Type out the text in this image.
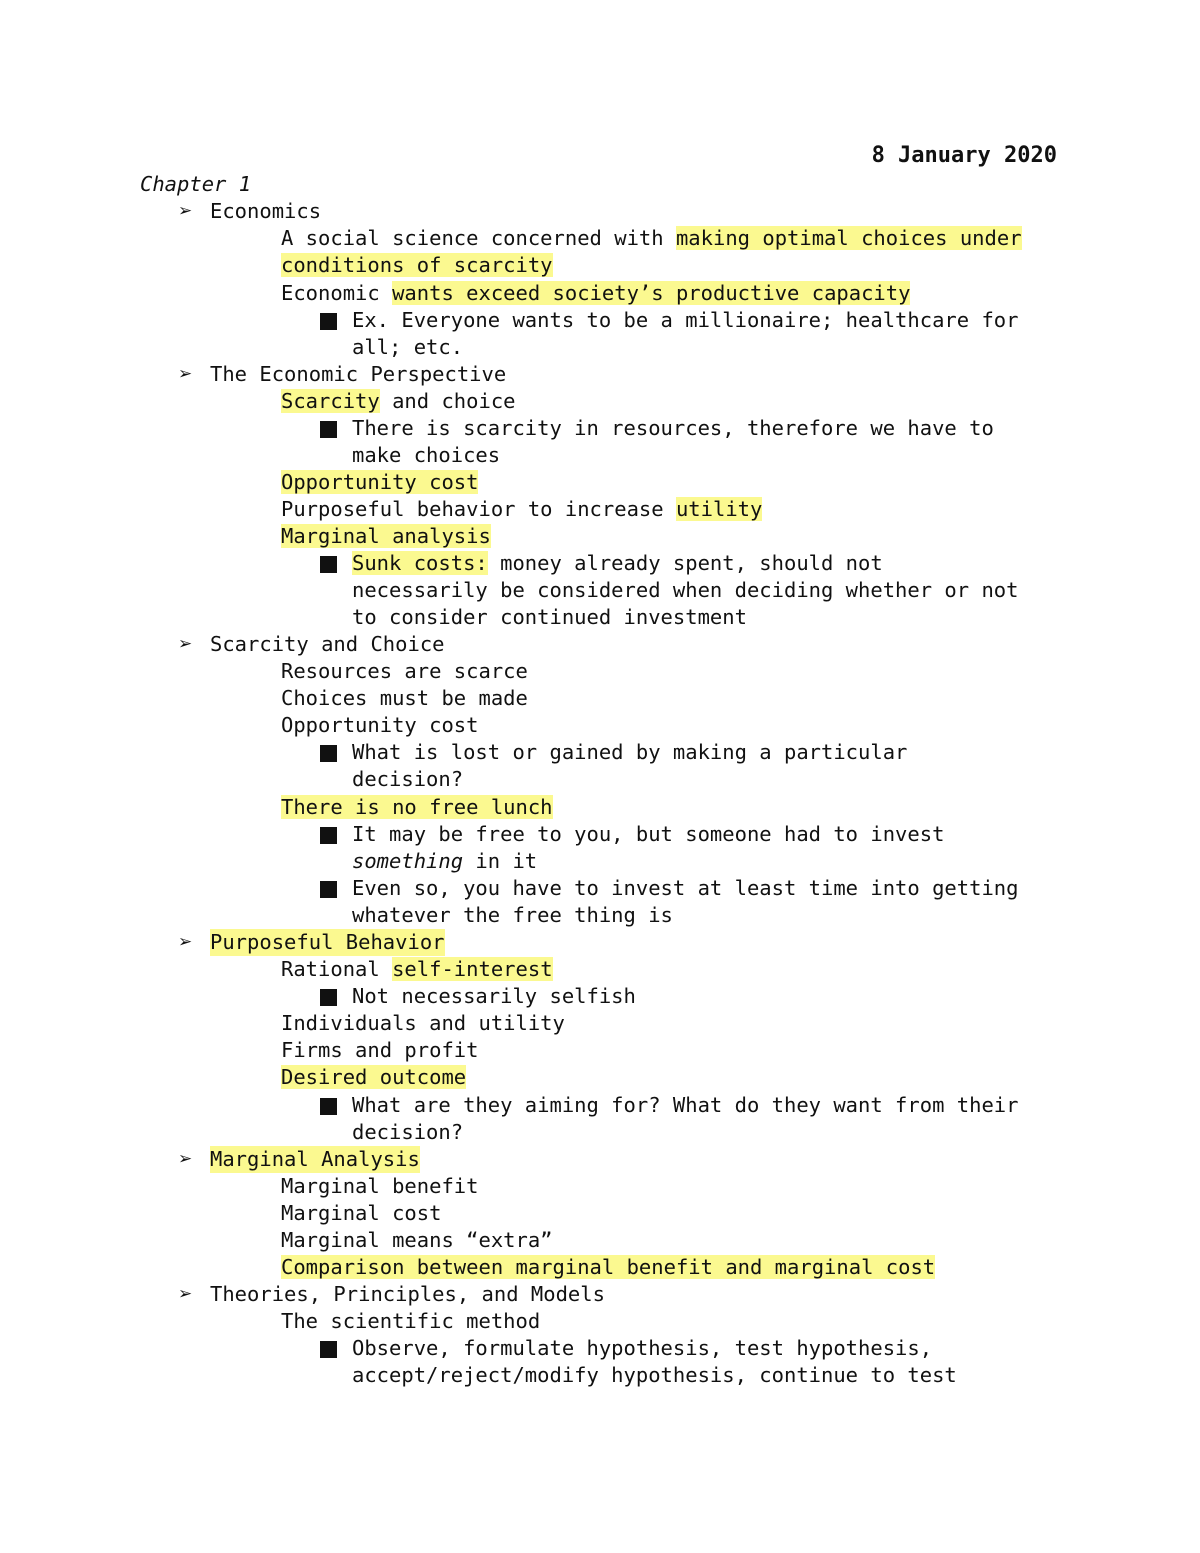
8 January 2020
Chapter 1
➢ Economics
A social science concerned with making optimal choices under
conditions of scarcity
Economic wants exceed society’s productive capacity
Ex. Everyone wants to be a millionaire; healthcare for
all; etc.
➢ The Economic Perspective
Scarcity and choice
There is scarcity in resources, therefore we have to
make choices
Opportunity cost
Purposeful behavior to increase utility
Marginal analysis
Sunk costs: money already spent, should not
necessarily be considered when deciding whether or not
to consider continued investment
➢ Scarcity and Choice
Resources are scarce
Choices must be made
Opportunity cost
What is lost or gained by making a particular
decision?
There is no free lunch
It may be free to you, but someone had to invest
something in it
Even so, you have to invest at least time into getting
whatever the free thing is
➢ Purposeful Behavior
Rational self-interest
Not necessarily selfish
Individuals and utility
Firms and profit
Desired outcome
What are they aiming for? What do they want from their
decision?
➢ Marginal Analysis
Marginal benefit
Marginal cost
Marginal means “extra”
Comparison between marginal benefit and marginal cost
➢ Theories, Principles, and Models
The scientific method
Observe, formulate hypothesis, test hypothesis,
accept/reject/modify hypothesis, continue to test
